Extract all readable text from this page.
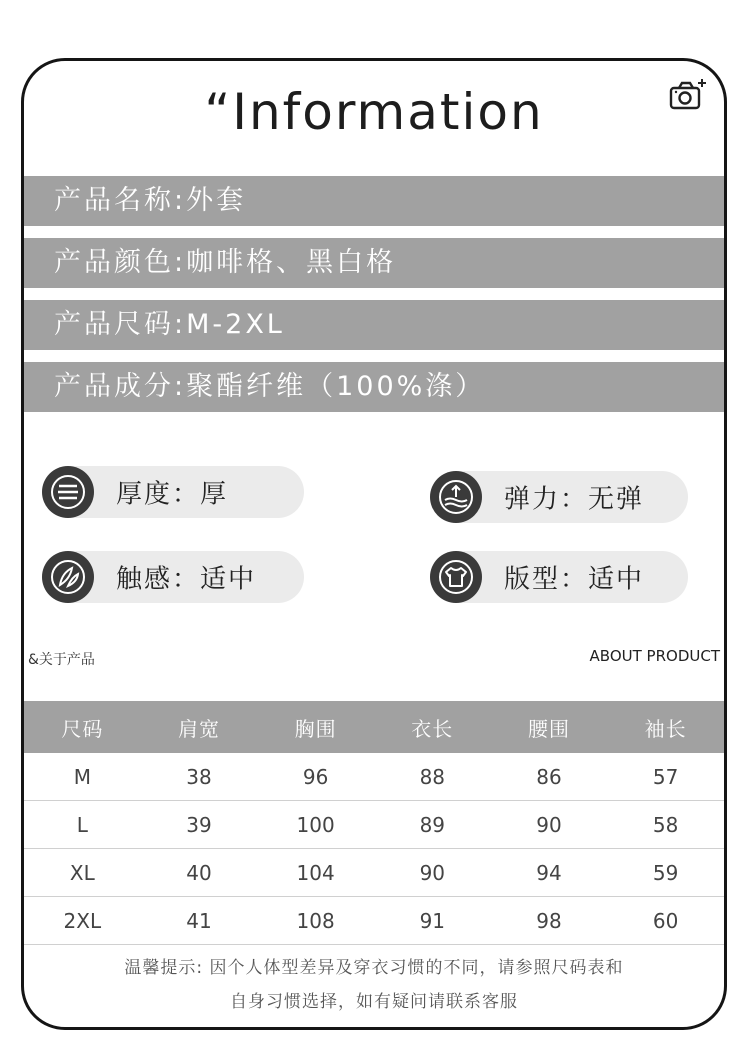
“Information
产品名称:外套
产品颜色:咖啡格、黑白格
产品尺码:M-2XL
产品成分:聚酯纤维（100%涤）
厚度：厚	弹力：无弹
触感：适中	版型：适中
&关于产品	ABOUT PRODUCT
尺码	肩宽	胸围	衣长	腰围	袖长
M	38	96	88	86	57
L	39	100	89	90	58
XL	40	104	90	94	59
2XL	41	108	91	98	60
温馨提示: 因个人体型差异及穿衣习惯的不同，请参照尺码表和
自身习惯选择，如有疑问请联系客服
